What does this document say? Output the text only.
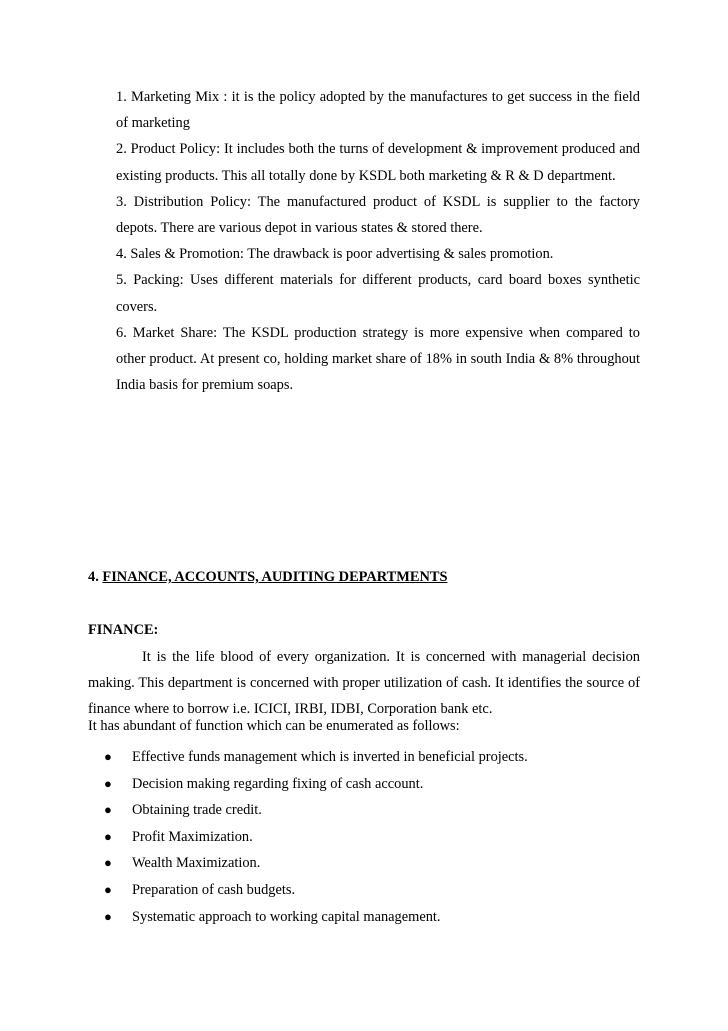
1. Marketing Mix : it is the policy adopted by the manufactures to get success in the field of marketing
2. Product Policy: It includes both the turns of development & improvement produced and existing products. This all totally done by KSDL both marketing & R & D department.
3. Distribution Policy: The manufactured product of KSDL is supplier to the factory depots. There are various depot in various states & stored there.
4. Sales & Promotion: The drawback is poor advertising & sales promotion.
5. Packing: Uses different materials for different products, card board boxes synthetic covers.
6. Market Share: The KSDL production strategy is more expensive when compared to other product. At present co, holding market share of 18% in south India & 8% throughout India basis for premium soaps.
4. FINANCE, ACCOUNTS, AUDITING DEPARTMENTS
FINANCE:

It is the life blood of every organization. It is concerned with managerial decision making. This department is concerned with proper utilization of cash. It identifies the source of finance where to borrow i.e. ICICI, IRBI, IDBI, Corporation bank etc.

It has abundant of function which can be enumerated as follows:

●	Effective funds management which is inverted in beneficial projects.
●	Decision making regarding fixing of cash account.
●	Obtaining trade credit.
●	Profit Maximization.
●	Wealth Maximization.
●	Preparation of cash budgets.
●	Systematic approach to working capital management.
